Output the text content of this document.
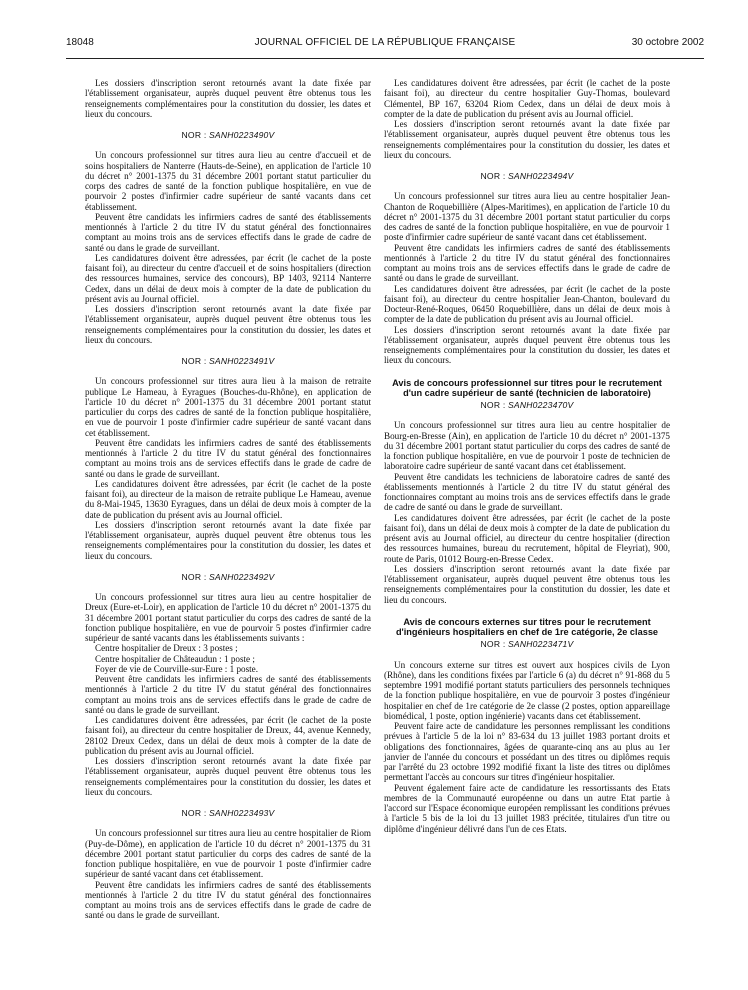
18048	JOURNAL OFFICIEL DE LA RÉPUBLIQUE FRANÇAISE	30 octobre 2002

Les dossiers d'inscription seront retournés avant la date fixée par l'établissement organisateur, auprès duquel peuvent être obtenus tous les renseignements complémentaires pour la constitution du dossier, les dates et lieux du concours.

NOR : SANH0223490V

Un concours professionnel sur titres aura lieu au centre d'accueil et de soins hospitaliers de Nanterre (Hauts-de-Seine), en application de l'article 10 du décret n° 2001-1375 du 31 décembre 2001 portant statut particulier du corps des cadres de santé de la fonction publique hospitalière, en vue de pourvoir 2 postes d'infirmier cadre supérieur de santé vacants dans cet établissement.

Peuvent être candidats les infirmiers cadres de santé des établissements mentionnés à l'article 2 du titre IV du statut général des fonctionnaires comptant au moins trois ans de services effectifs dans le grade de cadre de santé ou dans le grade de surveillant.

Les candidatures doivent être adressées, par écrit (le cachet de la poste faisant foi), au directeur du centre d'accueil et de soins hospitaliers (direction des ressources humaines, service des concours), BP 1403, 92114 Nanterre Cedex, dans un délai de deux mois à compter de la date de publication du présent avis au Journal officiel.

Les dossiers d'inscription seront retournés avant la date fixée par l'établissement organisateur, auprès duquel peuvent être obtenus tous les renseignements complémentaires pour la constitution du dossier, les dates et lieux du concours.

NOR : SANH0223491V

Un concours professionnel sur titres aura lieu à la maison de retraite publique Le Hameau, à Eyragues (Bouches-du-Rhône), en application de l'article 10 du décret n° 2001-1375 du 31 décembre 2001 portant statut particulier du corps des cadres de santé de la fonction publique hospitalière, en vue de pourvoir 1 poste d'infirmier cadre supérieur de santé vacant dans cet établissement.

Peuvent être candidats les infirmiers cadres de santé des établissements mentionnés à l'article 2 du titre IV du statut général des fonctionnaires comptant au moins trois ans de services effectifs dans le grade de cadre de santé ou dans le grade de surveillant.

Les candidatures doivent être adressées, par écrit (le cachet de la poste faisant foi), au directeur de la maison de retraite publique Le Hameau, avenue du 8-Mai-1945, 13630 Eyragues, dans un délai de deux mois à compter de la date de publication du présent avis au Journal officiel.

Les dossiers d'inscription seront retournés avant la date fixée par l'établissement organisateur, auprès duquel peuvent être obtenus tous les renseignements complémentaires pour la constitution du dossier, les dates et lieux du concours.

NOR : SANH0223492V

Un concours professionnel sur titres aura lieu au centre hospitalier de Dreux (Eure-et-Loir), en application de l'article 10 du décret n° 2001-1375 du 31 décembre 2001 portant statut particulier du corps des cadres de santé de la fonction publique hospitalière, en vue de pourvoir 5 postes d'infirmier cadre supérieur de santé vacants dans les établissements suivants :

Centre hospitalier de Dreux : 3 postes ;

Centre hospitalier de Châteaudun : 1 poste ;

Foyer de vie de Courville-sur-Eure : 1 poste.

Peuvent être candidats les infirmiers cadres de santé des établissements mentionnés à l'article 2 du titre IV du statut général des fonctionnaires comptant au moins trois ans de services effectifs dans le grade de cadre de santé ou dans le grade de surveillant.

Les candidatures doivent être adressées, par écrit (le cachet de la poste faisant foi), au directeur du centre hospitalier de Dreux, 44, avenue Kennedy, 28102 Dreux Cedex, dans un délai de deux mois à compter de la date de publication du présent avis au Journal officiel.

Les dossiers d'inscription seront retournés avant la date fixée par l'établissement organisateur, auprès duquel peuvent être obtenus tous les renseignements complémentaires pour la constitution du dossier, les dates et lieux du concours.

NOR : SANH0223493V

Un concours professionnel sur titres aura lieu au centre hospitalier de Riom (Puy-de-Dôme), en application de l'article 10 du décret n° 2001-1375 du 31 décembre 2001 portant statut particulier du corps des cadres de santé de la fonction publique hospitalière, en vue de pourvoir 1 poste d'infirmier cadre supérieur de santé vacant dans cet établissement.

Peuvent être candidats les infirmiers cadres de santé des établissements mentionnés à l'article 2 du titre IV du statut général des fonctionnaires comptant au moins trois ans de services effectifs dans le grade de cadre de santé ou dans le grade de surveillant.

Les candidatures doivent être adressées, par écrit (le cachet de la poste faisant foi), au directeur du centre hospitalier Guy-Thomas, boulevard Clémentel, BP 167, 63204 Riom Cedex, dans un délai de deux mois à compter de la date de publication du présent avis au Journal officiel.

Les dossiers d'inscription seront retournés avant la date fixée par l'établissement organisateur, auprès duquel peuvent être obtenus tous les renseignements complémentaires pour la constitution du dossier, les dates et lieux du concours.

NOR : SANH0223494V

Un concours professionnel sur titres aura lieu au centre hospitalier Jean-Chanton de Roquebillière (Alpes-Maritimes), en application de l'article 10 du décret n° 2001-1375 du 31 décembre 2001 portant statut particulier du corps des cadres de santé de la fonction publique hospitalière, en vue de pourvoir 1 poste d'infirmier cadre supérieur de santé vacant dans cet établissement.

Peuvent être candidats les infirmiers cadres de santé des établissements mentionnés à l'article 2 du titre IV du statut général des fonctionnaires comptant au moins trois ans de services effectifs dans le grade de cadre de santé ou dans le grade de surveillant.

Les candidatures doivent être adressées, par écrit (le cachet de la poste faisant foi), au directeur du centre hospitalier Jean-Chanton, boulevard du Docteur-René-Roques, 06450 Roquebillière, dans un délai de deux mois à compter de la date de publication du présent avis au Journal officiel.

Les dossiers d'inscription seront retournés avant la date fixée par l'établissement organisateur, auprès duquel peuvent être obtenus tous les renseignements complémentaires pour la constitution du dossier, les dates et lieux du concours.

Avis de concours professionnel sur titres pour le recrutement d'un cadre supérieur de santé (technicien de laboratoire)
NOR : SANH0223470V

Un concours professionnel sur titres aura lieu au centre hospitalier de Bourg-en-Bresse (Ain), en application de l'article 10 du décret n° 2001-1375 du 31 décembre 2001 portant statut particulier du corps des cadres de santé de la fonction publique hospitalière, en vue de pourvoir 1 poste de technicien de laboratoire cadre supérieur de santé vacant dans cet établissement.

Peuvent être candidats les techniciens de laboratoire cadres de santé des établissements mentionnés à l'article 2 du titre IV du statut général des fonctionnaires comptant au moins trois ans de services effectifs dans le grade de cadre de santé ou dans le grade de surveillant.

Les candidatures doivent être adressées, par écrit (le cachet de la poste faisant foi), dans un délai de deux mois à compter de la date de publication du présent avis au Journal officiel, au directeur du centre hospitalier (direction des ressources humaines, bureau du recrutement, hôpital de Fleyriat), 900, route de Paris, 01012 Bourg-en-Bresse Cedex.

Les dossiers d'inscription seront retournés avant la date fixée par l'établissement organisateur, auprès duquel peuvent être obtenus tous les renseignements complémentaires pour la constitution du dossier, les date et lieu du concours.

Avis de concours externes sur titres pour le recrutement d'ingénieurs hospitaliers en chef de 1re catégorie, 2e classe
NOR : SANH0223471V

Un concours externe sur titres est ouvert aux hospices civils de Lyon (Rhône), dans les conditions fixées par l'article 6 (a) du décret n° 91-868 du 5 septembre 1991 modifié portant statuts particuliers des personnels techniques de la fonction publique hospitalière, en vue de pourvoir 3 postes d'ingénieur hospitalier en chef de 1re catégorie de 2e classe (2 postes, option appareillage biomédical, 1 poste, option ingénierie) vacants dans cet établissement.

Peuvent faire acte de candidature les personnes remplissant les conditions prévues à l'article 5 de la loi n° 83-634 du 13 juillet 1983 portant droits et obligations des fonctionnaires, âgées de quarante-cinq ans au plus au 1er janvier de l'année du concours et possédant un des titres ou diplômes requis par l'arrêté du 23 octobre 1992 modifié fixant la liste des titres ou diplômes permettant l'accès au concours sur titres d'ingénieur hospitalier.

Peuvent également faire acte de candidature les ressortissants des Etats membres de la Communauté européenne ou dans un autre Etat partie à l'accord sur l'Espace économique européen remplissant les conditions prévues à l'article 5 bis de la loi du 13 juillet 1983 précitée, titulaires d'un titre ou diplôme d'ingénieur délivré dans l'un de ces Etats.
